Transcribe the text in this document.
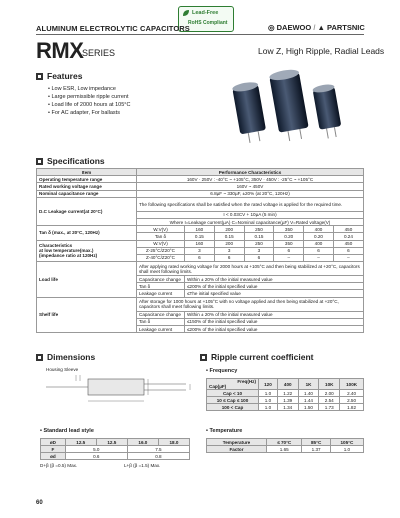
Lead-Free
RoHS Compliant
ALUMINUM ELECTROLYTIC CAPACITORS	◎ DAEWOO / ▲ PARTSNIC
RMX
SERIES	Low Z, High Ripple, Radial Leads
Features
• Low ESR, Low impedance
• Large permissible ripple current
• Load life of 2000 hours at 105°C
• For AC adapter, For ballasts
Specifications
Item	Performance Characteristics						
Operating temperature range	160V · 250V : -40°C ~ +105°C, 350V · 450V : -25°C ~ +105°C						
Rated working voltage range	160V ~ 450V						
Nominal capacitance range	6.8µF ~ 330µF, ±20% (at 20°C, 120Hz)						
D.C Leakage current(at 20°C)	The following specifications shall be satisfied when the rated voltage is applied for the required time.						
	I < 0.03CV + 10µA (5 min)						
	Where I=Leakage current(µA) C=Nominal capacitance(µF) V=Rated voltage(V)						
Tan δ (max., at 20°C, 120Hz)	W.V(V)	160	200	250	350	400	450
	Tan δ	0.15	0.15	0.15	0.20	0.20	0.24

Characteristics
at low temperature(max.)
(impedance ratio at 120Hz)	W.V(V)	160	200	250	350	400	450
	Z-25°C/Z20°C	3	3	3	6	6	6
	Z-40°C/Z20°C	6	6	6	–	–	–
Load life	After applying rated working voltage for 2000 hours at +105°C and then being stabilized at +20°C, capacitors shall meet following limits.						
	Capacitance change	Within ± 20% of the initial measured value					
	Tan δ	≤200% of the initial specified value					
	Leakage current	≤The initial specified value					
Shelf life	After storage for 1000 hours at +105°C with no voltage applied and then being stabilized at +20°C, capacitors shall meet following limits.						
	Capacitance change	Within ± 20% of the initial measured value					
	Tan δ	≤150% of the initial specified value					
	Leakage current	≤200% of the initial specified value					
Dimensions
Housing Sleeve
• Standard lead style
øD	12.5	12.5	16.0	18.0
F	5.0		7.5	
ød	0.6		0.8	
D+β (β =0.5) Max.	L+β (β =1.5) Max.
Ripple current coefficient
• Frequency
Freq(Hz)
Cap(µF)	120	400	1K	10K	100K
Cap < 10	1.0	1.22	1.40	2.00	2.40
10 ≤ Cap ≤ 100	1.0	1.39	1.44	2.54	2.50
100 < Cap	1.0	1.34	1.50	1.73	1.82
• Temperature
Temperature	≤ 70°C	85°C	105°C
Factor	1.65	1.37	1.0
60
